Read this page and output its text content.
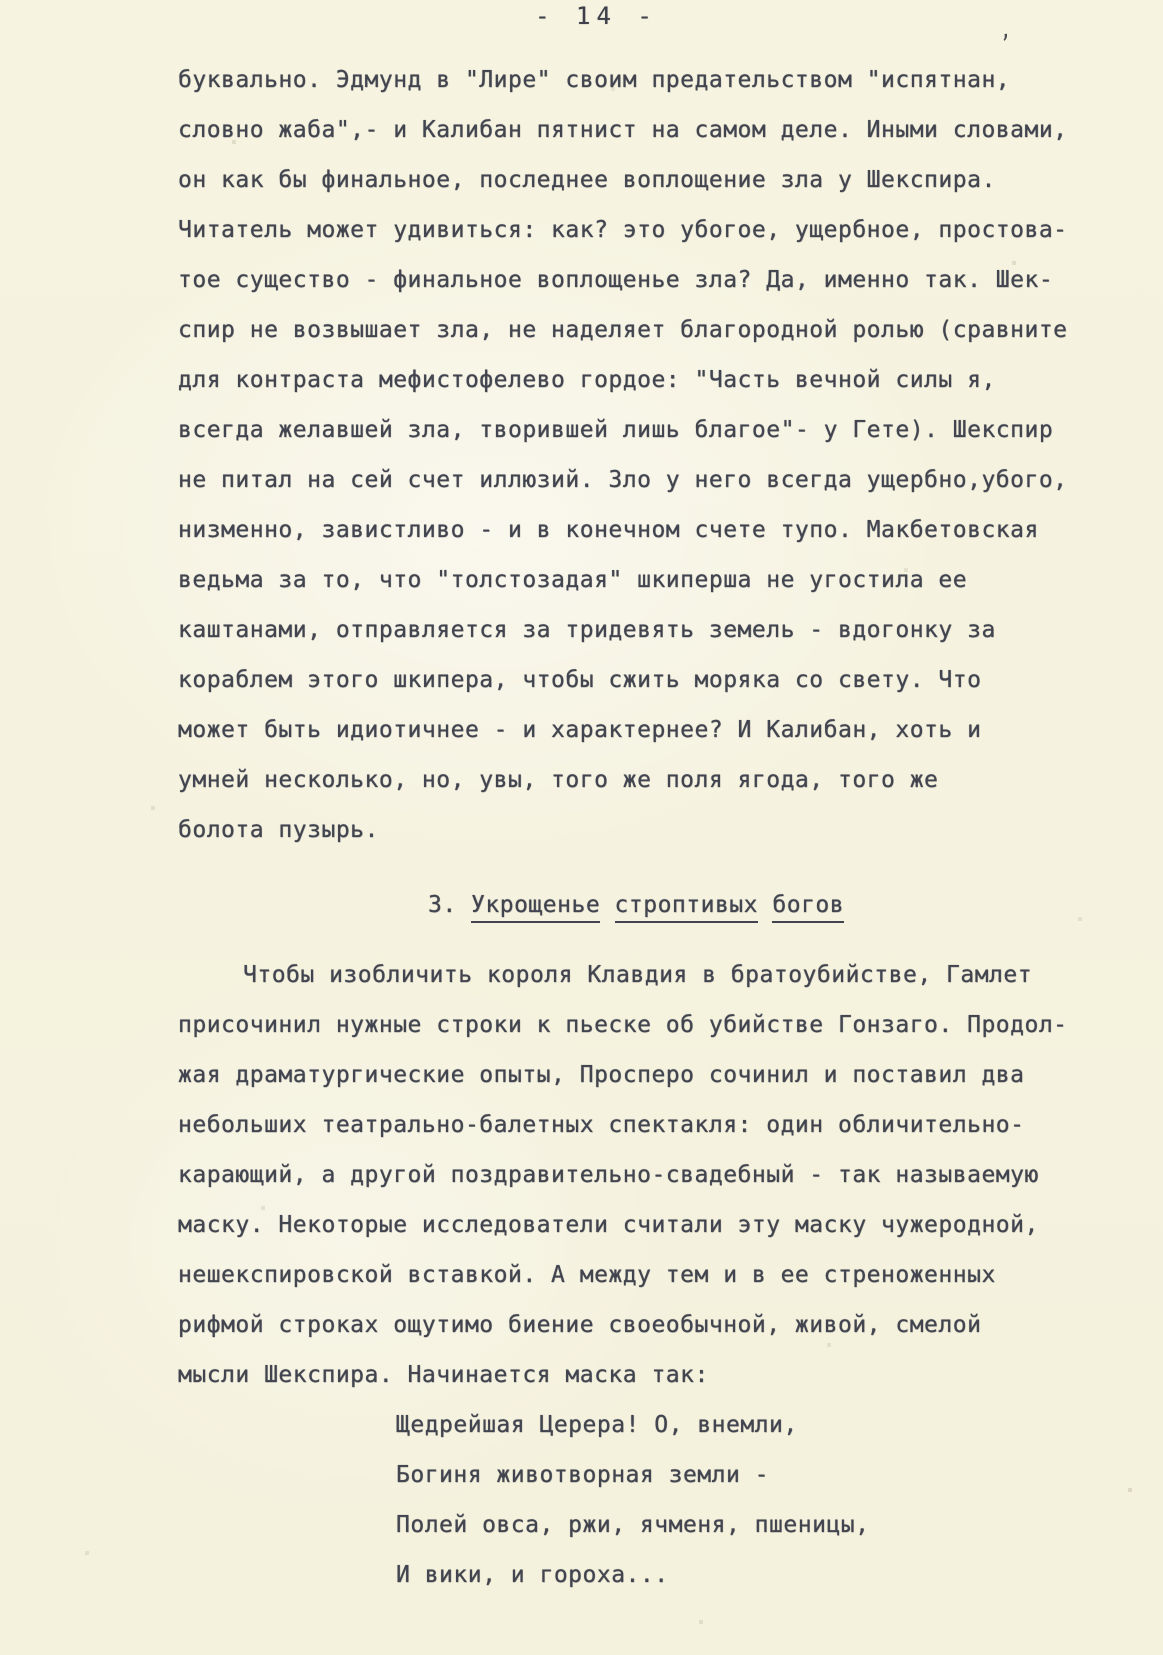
- 14 -	,
буквально. Эдмунд в "Лире" своим предательством "испятнан,
словно жаба",- и Калибан пятнист на самом деле. Иными словами,
он как бы финальное, последнее воплощение зла у Шекспира.
Читатель может удивиться: как? это убогое, ущербное, простова-
тое существо - финальное воплощенье зла? Да, именно так. Шек-
спир не возвышает зла, не наделяет благородной ролью (сравните
для контраста мефистофелево гордое: "Часть вечной силы я,
всегда желавшей зла, творившей лишь благое"- у Гете). Шекспир
не питал на сей счет иллюзий. Зло у него всегда ущербно,убого,
низменно, завистливо - и в конечном счете тупо. Макбетовская
ведьма за то, что "толстозадая" шкиперша не угостила ее
каштанами, отправляется за тридевять земель - вдогонку за
кораблем этого шкипера, чтобы сжить моряка со свету. Что
может быть идиотичнее - и характернее? И Калибан, хоть и
умней несколько, но, увы, того же поля ягода, того же
болота пузырь.
3. Укрощенье строптивых богов
Чтобы изобличить короля Клавдия в братоубийстве, Гамлет
присочинил нужные строки к пьеске об убийстве Гонзаго. Продол-
жая драматургические опыты, Просперо сочинил и поставил два
небольших театрально-балетных спектакля: один обличительно-
карающий, а другой поздравительно-свадебный - так называемую
маску. Некоторые исследователи считали эту маску чужеродной,
нешекспировской вставкой. А между тем и в ее стреноженных
рифмой строках ощутимо биение своеобычной, живой, смелой
мысли Шекспира. Начинается маска так:
Щедрейшая Церера! О, внемли,
Богиня животворная земли -
Полей овса, ржи, ячменя, пшеницы,
И вики, и гороха...
